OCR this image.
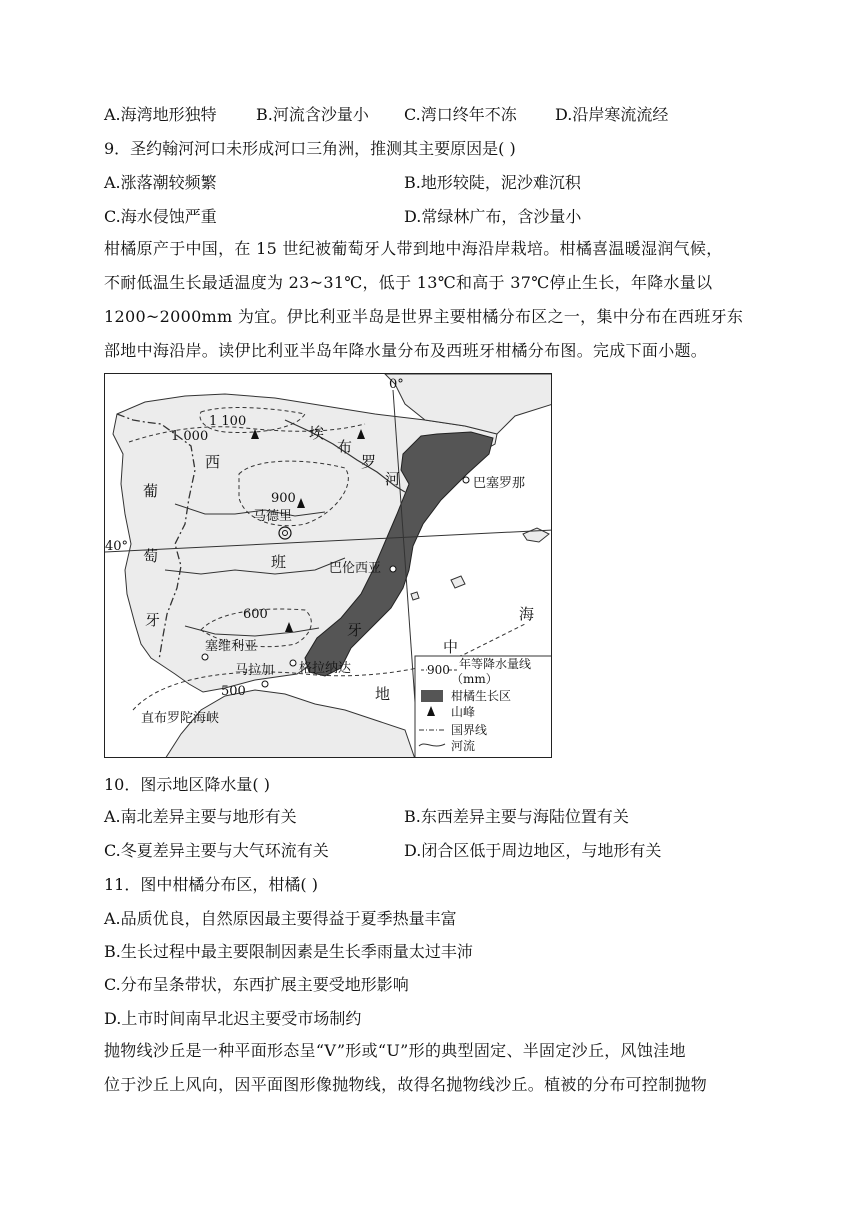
A.海湾地形独特 B.河流含沙量小 C.湾口终年不冻 D.沿岸寒流流经
9．圣约翰河河口未形成河口三角洲，推测其主要原因是( )
A.涨落潮较频繁	B.地形较陡，泥沙难沉积
C.海水侵蚀严重	D.常绿林广布，含沙量小
柑橘原产于中国，在 15 世纪被葡萄牙人带到地中海沿岸栽培。柑橘喜温暖湿润气候，
不耐低温生长最适温度为 23~31℃，低于 13℃和高于 37℃停止生长，年降水量以
1200~2000mm 为宜。伊比利亚半岛是世界主要柑橘分布区之一，集中分布在西班牙东
部地中海沿岸。读伊比利亚半岛年降水量分布及西班牙柑橘分布图。完成下面小题。
0°
40°
1 100
1 000
900
600
500
西
班
牙
葡
萄
牙
埃
布
罗
河
地
中
海
巴塞罗那
马德里
巴伦西亚
塞维利亚
马拉加 格拉纳达
直布罗陀海峡
900 年等降水量线
（mm）
柑橘生长区
山峰
国界线
河流
10．图示地区降水量( )
A.南北差异主要与地形有关	B.东西差异主要与海陆位置有关
C.冬夏差异主要与大气环流有关	D.闭合区低于周边地区，与地形有关
11．图中柑橘分布区，柑橘( )
A.品质优良，自然原因最主要得益于夏季热量丰富
B.生长过程中最主要限制因素是生长季雨量太过丰沛
C.分布呈条带状，东西扩展主要受地形影响
D.上市时间南早北迟主要受市场制约
抛物线沙丘是一种平面形态呈“V”形或“U”形的典型固定、半固定沙丘，风蚀洼地
位于沙丘上风向，因平面图形像抛物线，故得名抛物线沙丘。植被的分布可控制抛物
